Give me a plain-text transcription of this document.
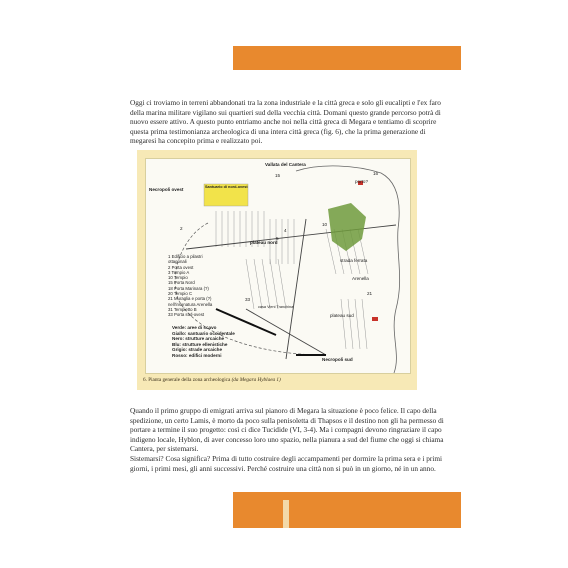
Oggi ci troviamo in terreni abbandonati tra la zona industriale e la città greca e solo gli eucalipti e l'ex faro della marina militare vigilano sui quartieri sud della vecchia città. Domani questo grande percorso potrà di nuovo essere attivo. A questo punto entriamo anche noi nella città greca di Megara e tentiamo di scoprire questa prima testimonianza archeologica di una intera città greca (fig. 6), che la prima generazione di megaresi ha concepito prima e realizzato poi.

Vallata del Cantera
porto?
Necropoli ovest	Santuario di nord-ovest
plateau nord
Arenella
strada ferrata
plateau sud
casa Vieni Tranchina
Necropoli sud
15	16
2
10
4
5
21
33
1 Edificio a pilastri
ottagonali
2 Porta ovest
3 Tempio A
10 Tempio
15 Porta Nord
18 Porta Marinara (?)
20 Tempio C
21 Muraglia e porta (?)
nell'insenatura Arenella
31 Tempietto B
33 Porta sud-ovest
Verde: aree di scavo
Giallo: santuario occidentale
Nero: strutture arcaiche
Blu: strutture ellenistiche
Grigio: strade arcaiche
Rosso: edifici moderni
6. Pianta generale della zona archeologica (da Megara Hyblaea 1)

Quando il primo gruppo di emigrati arriva sul pianoro di Megara la situazione è poco felice. Il capo della spedizione, un certo Lamis, è morto da poco sulla penisoletta di Thapsos e il destino non gli ha permesso di portare a termine il suo progetto: così ci dice Tucidide (VI, 3-4). Ma i compagni devono ringraziare il capo indigeno locale, Hyblon, di aver concesso loro uno spazio, nella pianura a sud del fiume che oggi si chiama Cantera, per sistemarsi.

Sistemarsi? Cosa significa? Prima di tutto costruire degli accampamenti per dormire la prima sera e i primi giorni, i primi mesi, gli anni successivi. Perché costruire una città non si può in un giorno, né in un anno.
